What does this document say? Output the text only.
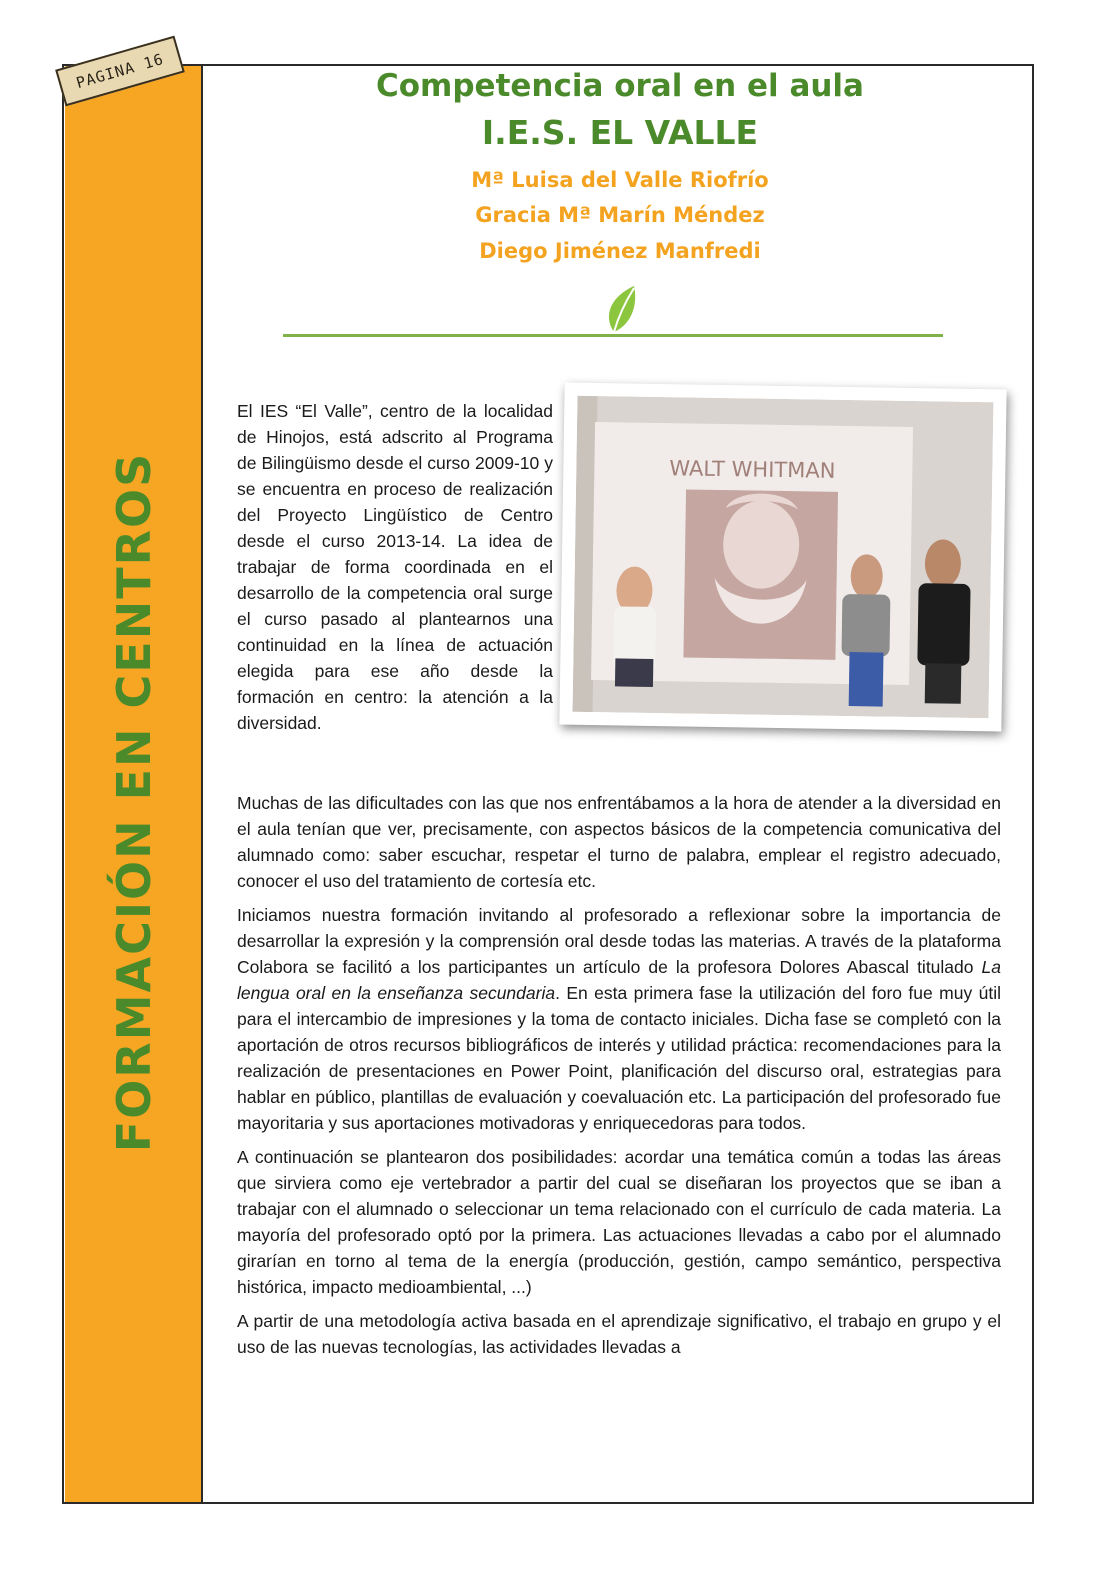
PAGINA 16
FORMACIÓN EN CENTROS
Competencia oral en el aula
I.E.S. EL VALLE

Mª Luisa del Valle Riofrío

Gracia Mª Marín Méndez

Diego Jiménez Manfredi

WALT WHITMAN
El IES “El Valle”, centro de la localidad de Hinojos, está adscrito al Programa de Bilingüismo desde el curso 2009-10 y se encuentra en proceso de realización del Proyecto Lingüístico de Centro desde el curso 2013-14. La idea de trabajar de forma coordinada en el desarrollo de la competencia oral surge el curso pasado al plantearnos una continuidad en la línea de actuación elegida para ese año desde la formación en centro: la atención a la diversidad.

Muchas de las dificultades con las que nos enfrentábamos a la hora de atender a la diversidad en el aula tenían que ver, precisamente, con aspectos básicos de la competencia comunicativa del alumnado como: saber escuchar, respetar el turno de palabra, emplear el registro adecuado, conocer el uso del tratamiento de cortesía etc.

Iniciamos nuestra formación invitando al profesorado a reflexionar sobre la importancia de desarrollar la expresión y la comprensión oral desde todas las materias. A través de la plataforma Colabora se facilitó a los participantes un artículo de la profesora Dolores Abascal titulado La lengua oral en la enseñanza secundaria. En esta primera fase la utilización del foro fue muy útil para el intercambio de impresiones y la toma de contacto iniciales. Dicha fase se completó con la aportación de otros recursos bibliográficos de interés y utilidad práctica: recomendaciones para la realización de presentaciones en Power Point, planificación del discurso oral, estrategias para hablar en público, plantillas de evaluación y coevaluación etc. La participación del profesorado fue mayoritaria y sus aportaciones motivadoras y enriquecedoras para todos.

A continuación se plantearon dos posibilidades: acordar una temática común a todas las áreas que sirviera como eje vertebrador a partir del cual se diseñaran los proyectos que se iban a trabajar con el alumnado o seleccionar un tema relacionado con el currículo de cada materia. La mayoría del profesorado optó por la primera. Las actuaciones llevadas a cabo por el alumnado girarían en torno al tema de la energía (producción, gestión, campo semántico, perspectiva histórica, impacto medioambiental, ...)

A partir de una metodología activa basada en el aprendizaje significativo, el trabajo en grupo y el uso de las nuevas tecnologías, las actividades llevadas a
